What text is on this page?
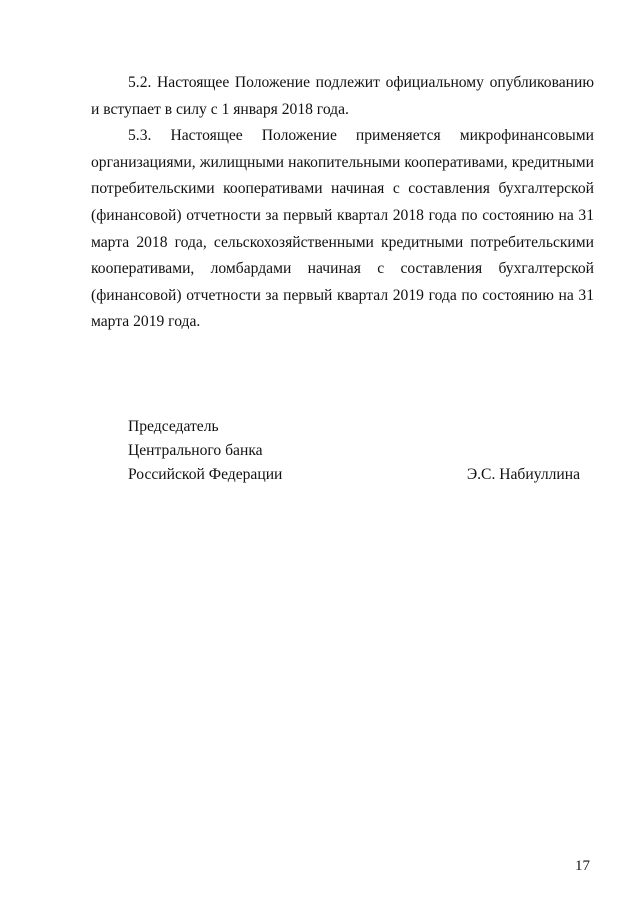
5.2. Настоящее Положение подлежит официальному опубликованию и вступает в силу с 1 января 2018 года.

5.3. Настоящее Положение применяется микрофинансовыми организациями, жилищными накопительными кооперативами, кредитными потребительскими кооперативами начиная с составления бухгалтерской (финансовой) отчетности за первый квартал 2018 года по состоянию на 31 марта 2018 года, сельскохозяйственными кредитными потребительскими кооперативами, ломбардами начиная с составления бухгалтерской (финансовой) отчетности за первый квартал 2019 года по состоянию на 31 марта 2019 года.

Председатель
Центрального банка
Российской Федерации	Э.С. Набиуллина
17
